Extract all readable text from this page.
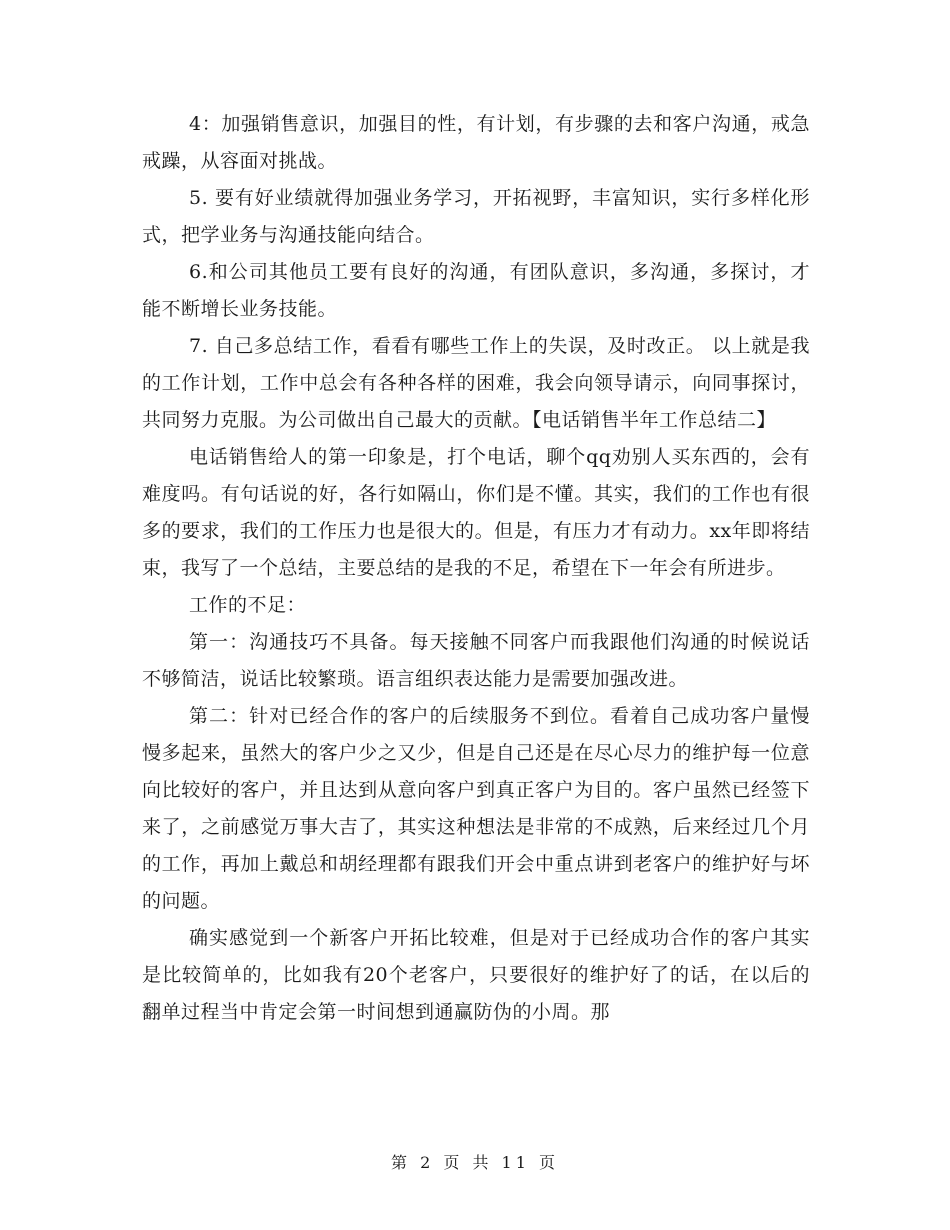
4：加强销售意识，加强目的性，有计划，有步骤的去和客户沟通，戒急戒躁，从容面对挑战。

5. 要有好业绩就得加强业务学习，开拓视野，丰富知识，实行多样化形式，把学业务与沟通技能向结合。

6.和公司其他员工要有良好的沟通，有团队意识，多沟通，多探讨，才能不断增长业务技能。

7. 自己多总结工作，看看有哪些工作上的失误，及时改正。 以上就是我的工作计划，工作中总会有各种各样的困难，我会向领导请示，向同事探讨，共同努力克服。为公司做出自己最大的贡献。【电话销售半年工作总结二】

电话销售给人的第一印象是，打个电话，聊个qq劝别人买东西的，会有难度吗。有句话说的好，各行如隔山，你们是不懂。其实，我们的工作也有很多的要求，我们的工作压力也是很大的。但是，有压力才有动力。xx年即将结束，我写了一个总结，主要总结的是我的不足，希望在下一年会有所进步。

工作的不足：

第一：沟通技巧不具备。每天接触不同客户而我跟他们沟通的时候说话不够简洁，说话比较繁琐。语言组织表达能力是需要加强改进。

第二：针对已经合作的客户的后续服务不到位。看着自己成功客户量慢慢多起来，虽然大的客户少之又少，但是自己还是在尽心尽力的维护每一位意向比较好的客户，并且达到从意向客户到真正客户为目的。客户虽然已经签下来了，之前感觉万事大吉了，其实这种想法是非常的不成熟，后来经过几个月的工作，再加上戴总和胡经理都有跟我们开会中重点讲到老客户的维护好与坏的问题。

确实感觉到一个新客户开拓比较难，但是对于已经成功合作的客户其实是比较简单的，比如我有20个老客户，只要很好的维护好了的话，在以后的翻单过程当中肯定会第一时间想到通赢防伪的小周。那

第 2 页 共 11 页
